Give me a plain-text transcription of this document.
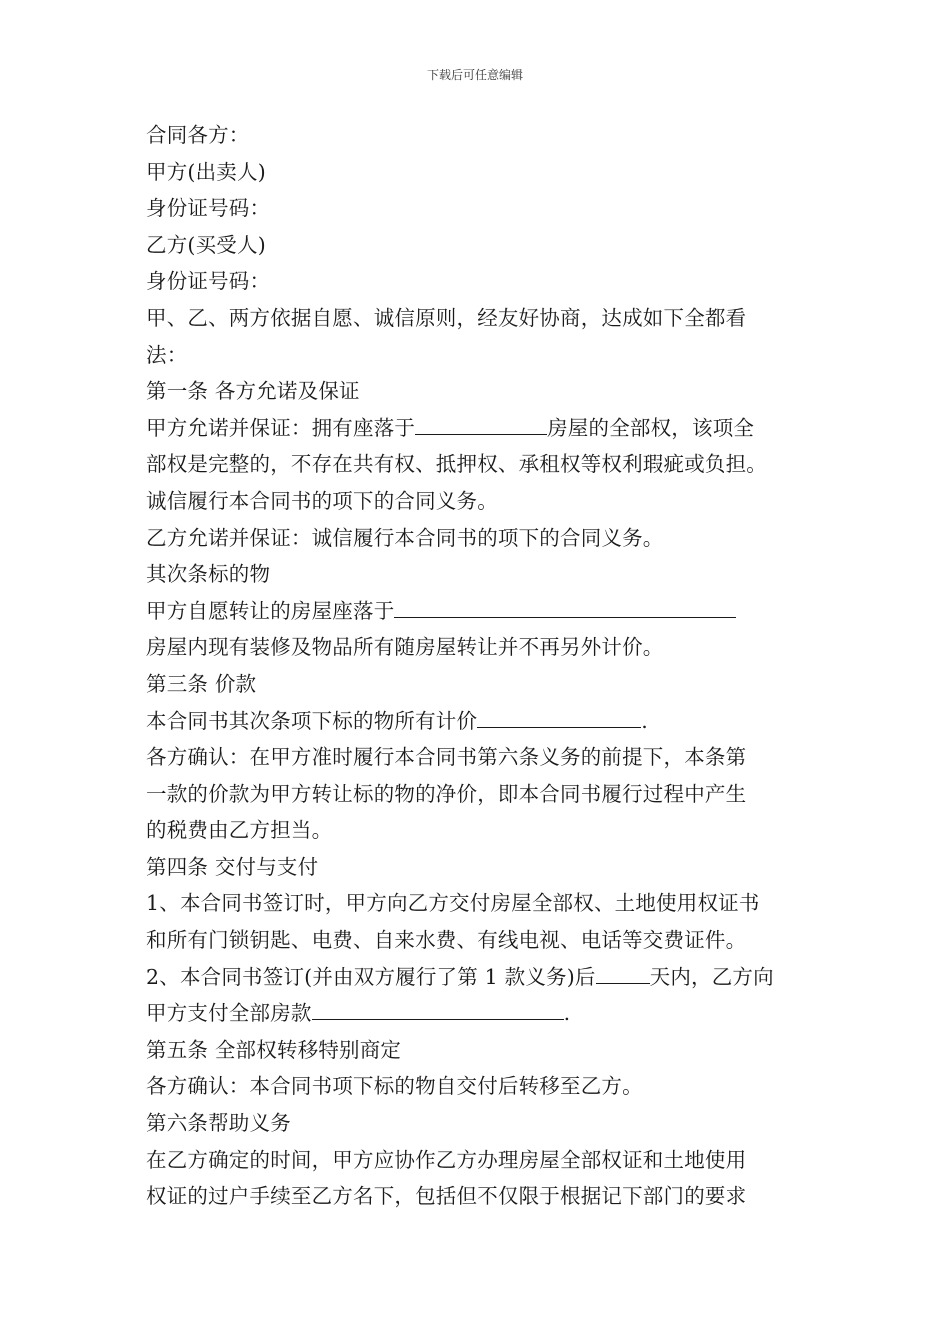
下载后可任意编辑
合同各方：
甲方(出卖人)
身份证号码：
乙方(买受人)
身份证号码：
甲、乙、两方依据自愿、诚信原则，经友好协商，达成如下全都看
法：
第一条 各方允诺及保证
甲方允诺并保证：拥有座落于	房屋的全部权，该项全
部权是完整的，不存在共有权、抵押权、承租权等权利瑕疵或负担。
诚信履行本合同书的项下的合同义务。
乙方允诺并保证：诚信履行本合同书的项下的合同义务。
其次条标的物
甲方自愿转让的房屋座落于
房屋内现有装修及物品所有随房屋转让并不再另外计价。
第三条 价款
本合同书其次条项下标的物所有计价	.
各方确认：在甲方准时履行本合同书第六条义务的前提下，本条第
一款的价款为甲方转让标的物的净价，即本合同书履行过程中产生
的税费由乙方担当。
第四条 交付与支付
1、本合同书签订时，甲方向乙方交付房屋全部权、土地使用权证书
和所有门锁钥匙、电费、自来水费、有线电视、电话等交费证件。
2、本合同书签订(并由双方履行了第 1 款义务)后	天内，乙方向
甲方支付全部房款	.
第五条 全部权转移特别商定
各方确认：本合同书项下标的物自交付后转移至乙方。
第六条帮助义务
在乙方确定的时间，甲方应协作乙方办理房屋全部权证和土地使用
权证的过户手续至乙方名下，包括但不仅限于根据记下部门的要求
